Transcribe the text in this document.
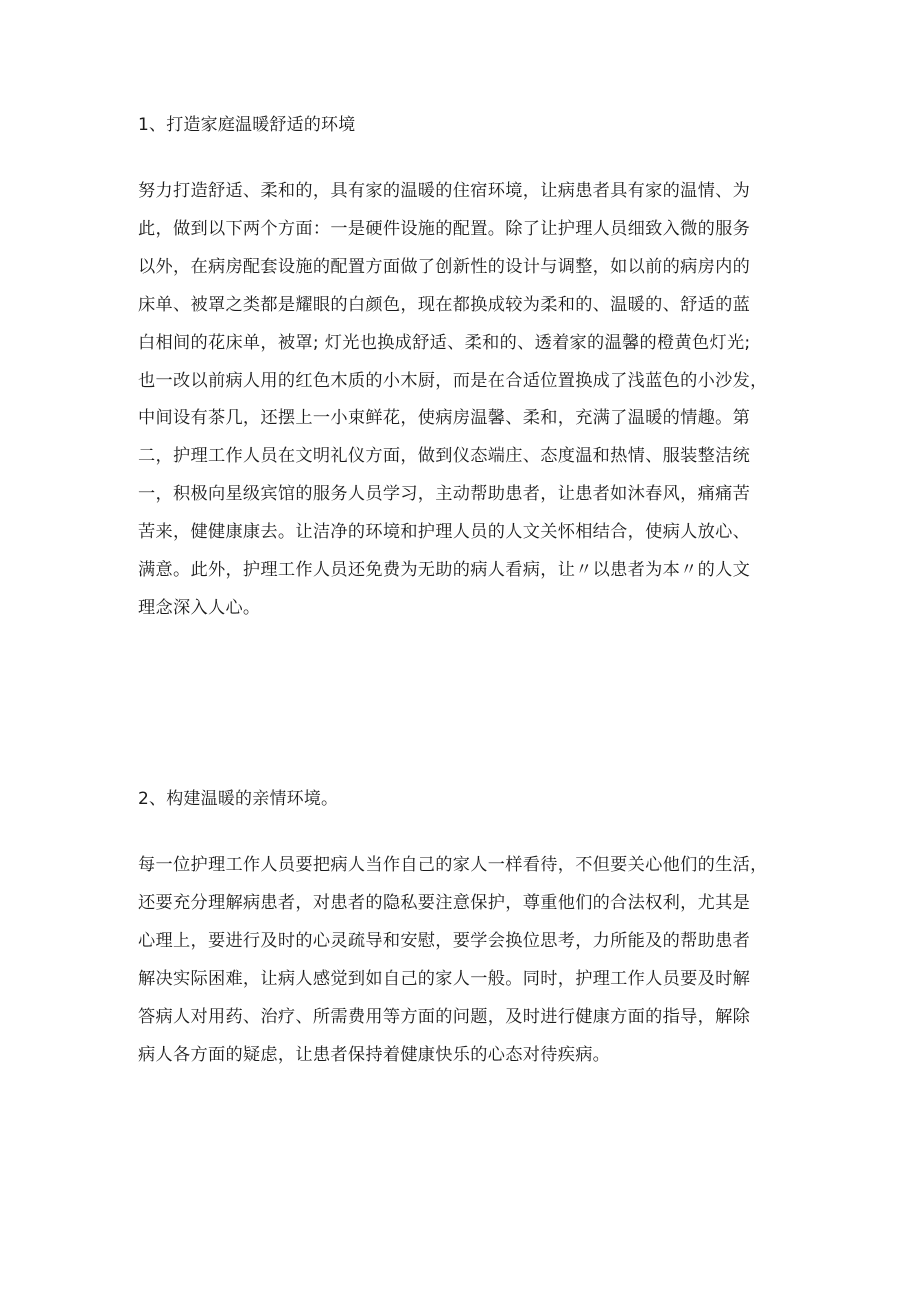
1、打造家庭温暖舒适的环境
努力打造舒适、柔和的，具有家的温暖的住宿环境，让病患者具有家的温情、为
此，做到以下两个方面：一是硬件设施的配置。除了让护理人员细致入微的服务
以外，在病房配套设施的配置方面做了创新性的设计与调整，如以前的病房内的
床单、被罩之类都是耀眼的白颜色，现在都换成较为柔和的、温暖的、舒适的蓝
白相间的花床单，被罩; 灯光也换成舒适、柔和的、透着家的温馨的橙黄色灯光;
也一改以前病人用的红色木质的小木厨，而是在合适位置换成了浅蓝色的小沙发，
中间设有茶几，还摆上一小束鲜花，使病房温馨、柔和，充满了温暖的情趣。第
二，护理工作人员在文明礼仪方面，做到仪态端庄、态度温和热情、服装整洁统
一，积极向星级宾馆的服务人员学习，主动帮助患者，让患者如沐春风，痛痛苦
苦来，健健康康去。让洁净的环境和护理人员的人文关怀相结合，使病人放心、
满意。此外，护理工作人员还免费为无助的病人看病，让〃以患者为本〃的人文
理念深入人心。
2、构建温暖的亲情环境。
每一位护理工作人员要把病人当作自己的家人一样看待，不但要关心他们的生活，
还要充分理解病患者，对患者的隐私要注意保护，尊重他们的合法权利，尤其是
心理上，要进行及时的心灵疏导和安慰，要学会换位思考，力所能及的帮助患者
解决实际困难，让病人感觉到如自己的家人一般。同时，护理工作人员要及时解
答病人对用药、治疗、所需费用等方面的问题，及时进行健康方面的指导，解除
病人各方面的疑虑，让患者保持着健康快乐的心态对待疾病。
